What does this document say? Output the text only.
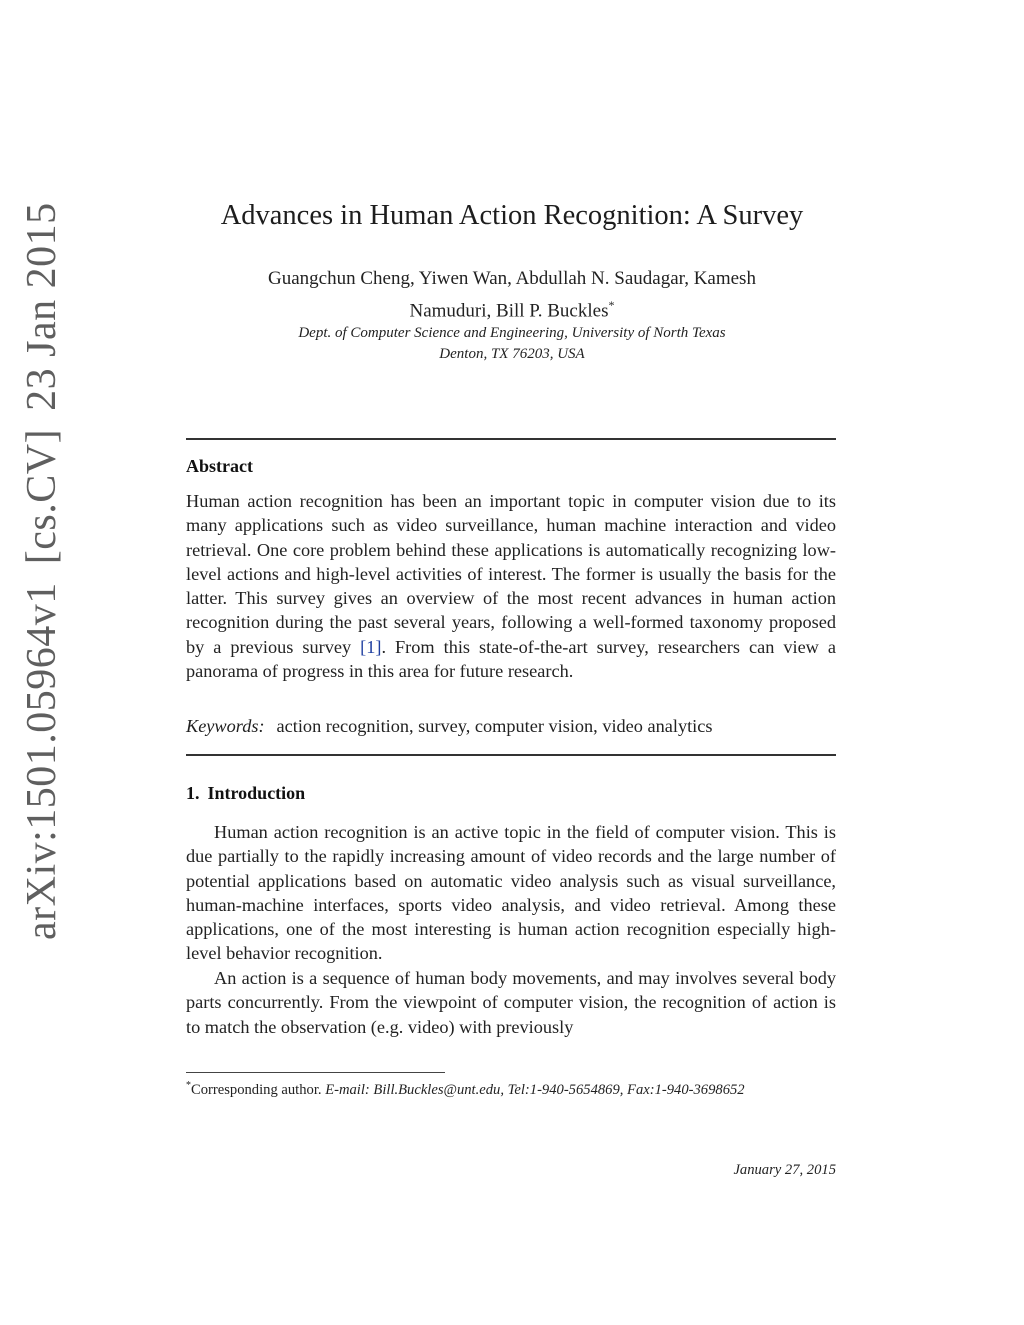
arXiv:1501.05964v1[cs.CV]23 Jan 2015	Advances in Human Action Recognition: A Survey
Guangchun Cheng, Yiwen Wan, Abdullah N. Saudagar, Kamesh
Namuduri, Bill P. Buckles*
Dept. of Computer Science and Engineering, University of North Texas
Denton, TX 76203, USA
Abstract
Human action recognition has been an important topic in computer vision due to its many applications such as video surveillance, human machine interaction and video retrieval. One core problem behind these applications is automatically recognizing low-level actions and high-level activities of interest. The former is usually the basis for the latter. This survey gives an overview of the most recent advances in human action recognition during the past several years, following a well-formed taxonomy proposed by a previous survey [1]. From this state-of-the-art survey, researchers can view a panorama of progress in this area for future research.
Keywords: action recognition, survey, computer vision, video analytics
1. Introduction
Human action recognition is an active topic in the field of computer vision. This is due partially to the rapidly increasing amount of video records and the large number of potential applications based on automatic video analysis such as visual surveillance, human-machine interfaces, sports video analysis, and video retrieval. Among these applications, one of the most interesting is human action recognition especially high-level behavior recognition.
An action is a sequence of human body movements, and may involves several body parts concurrently. From the viewpoint of computer vision, the recognition of action is to match the observation (e.g. video) with previously
*Corresponding author. E-mail: Bill.Buckles@unt.edu, Tel:1-940-5654869, Fax:1-940-3698652
January 27, 2015
